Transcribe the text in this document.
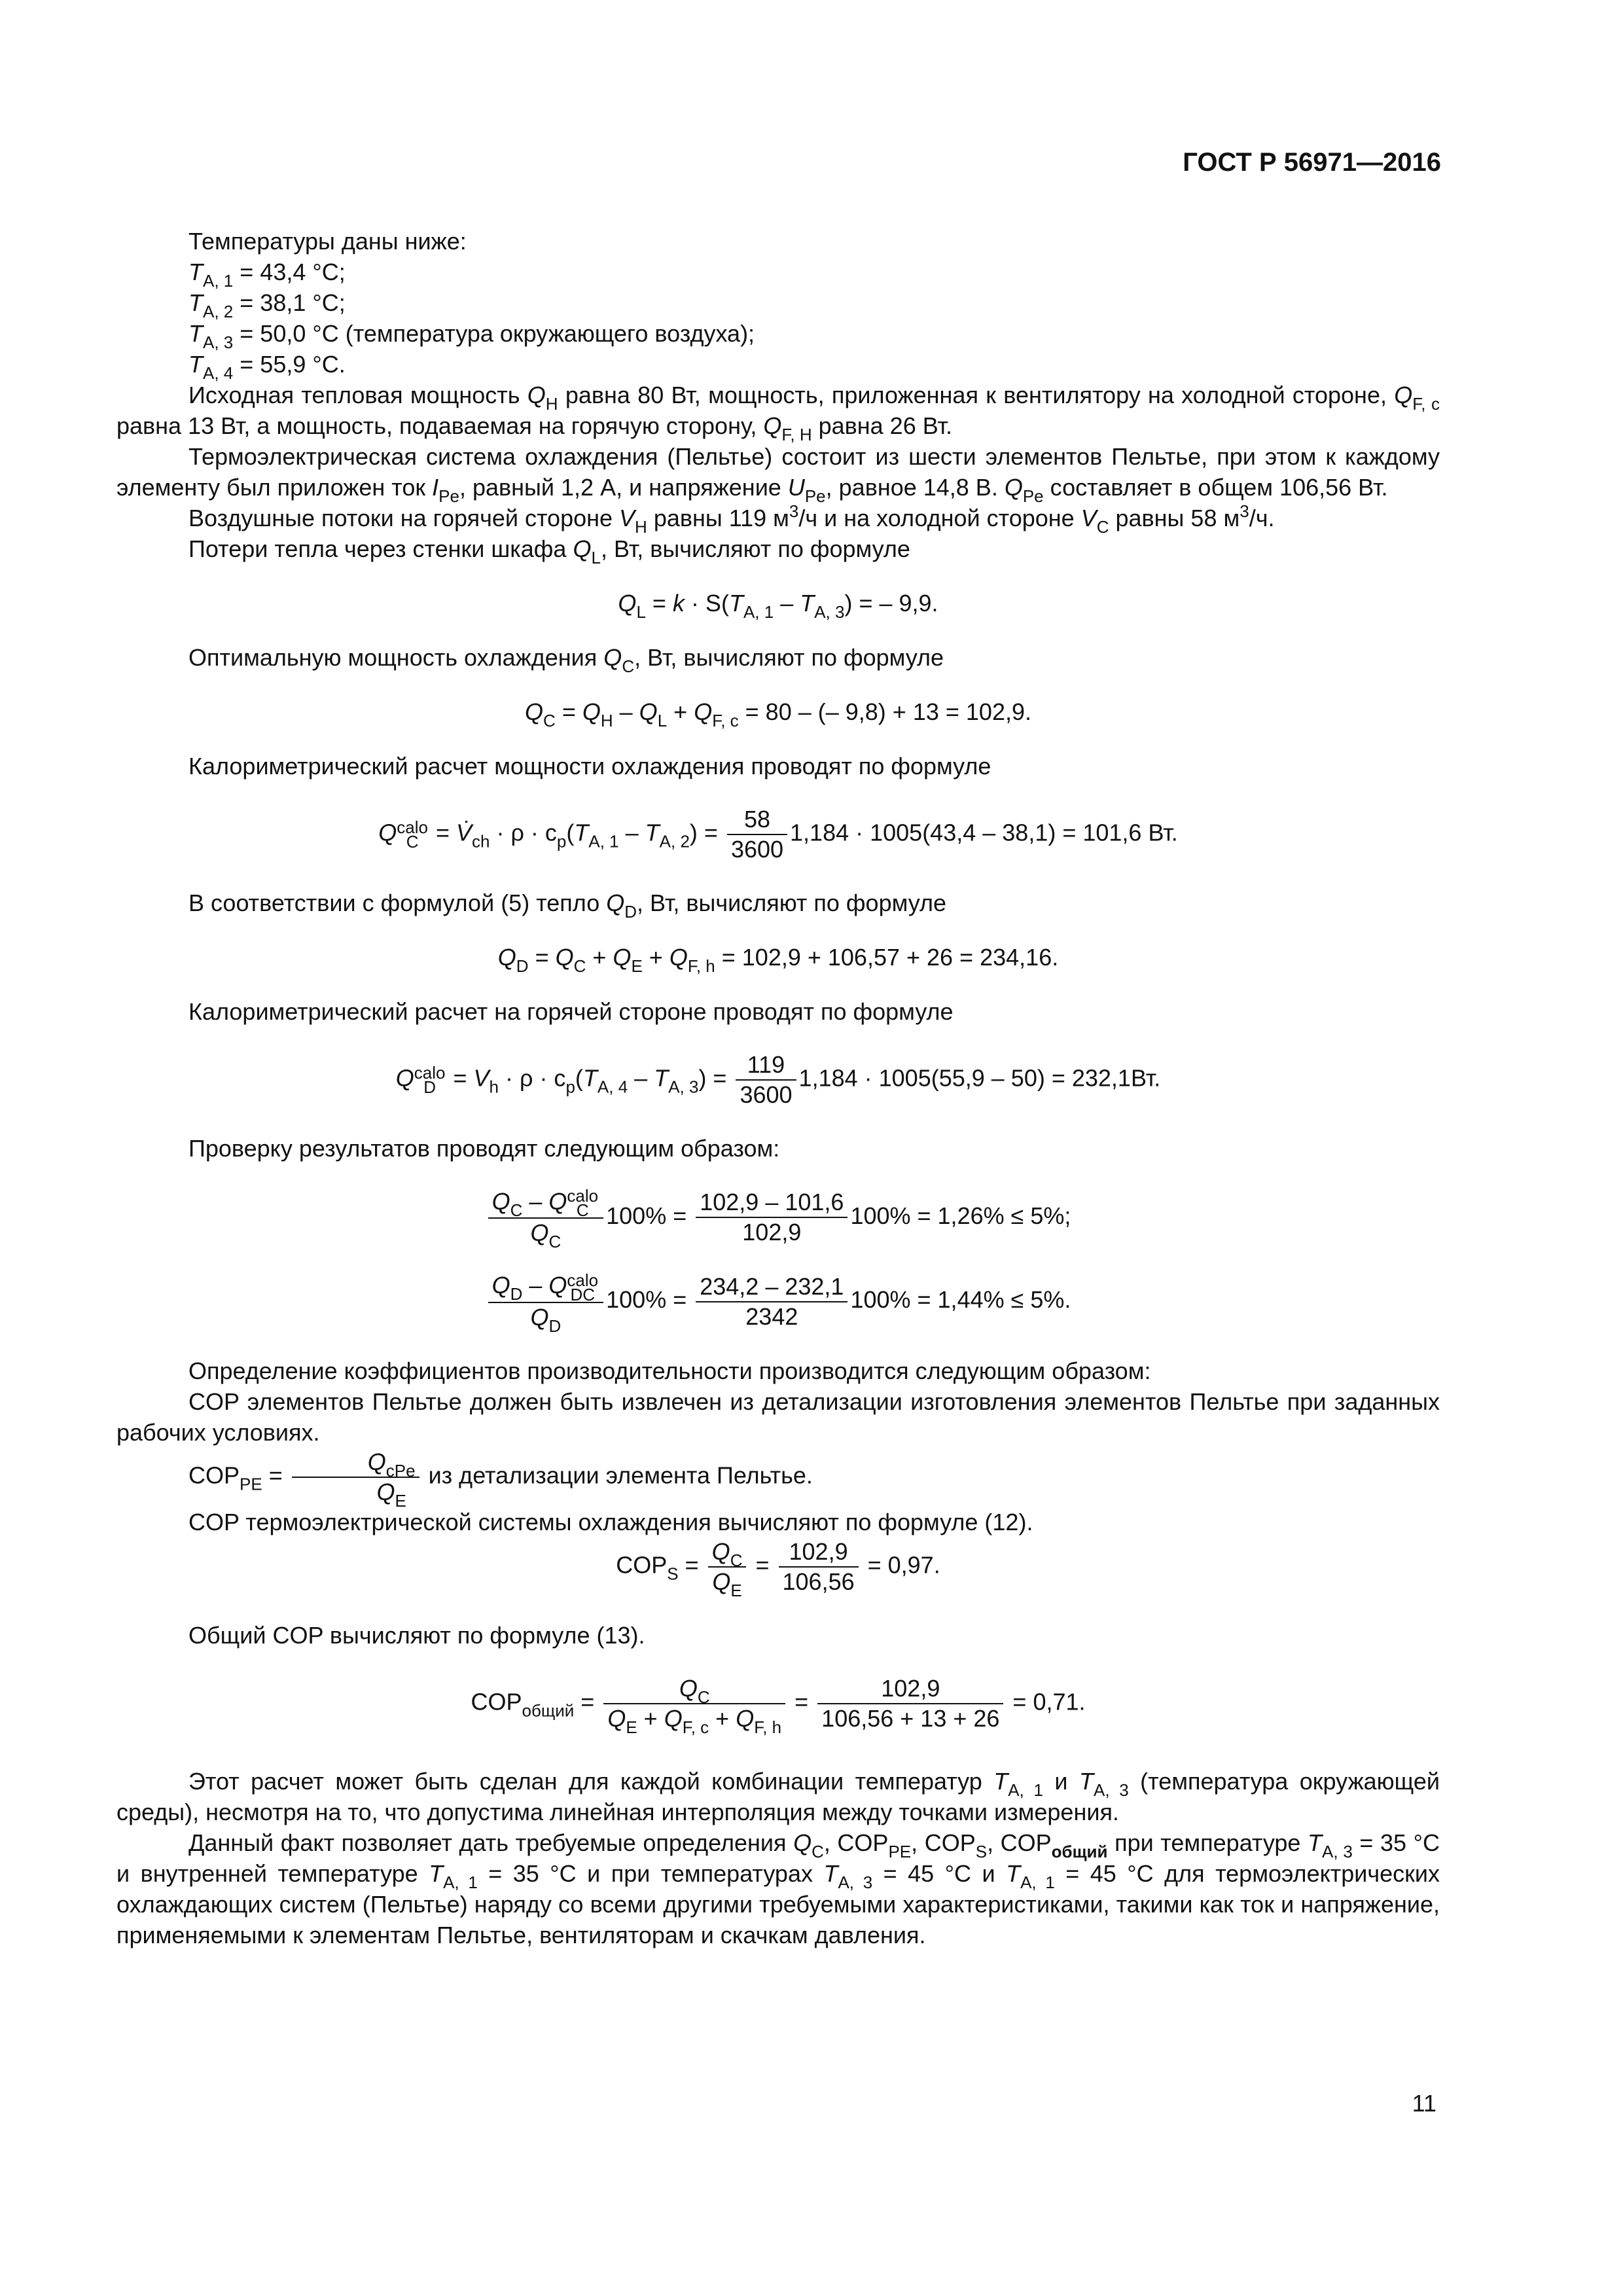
ГОСТ Р 56971—2016

Температуры даны ниже:

$T_{A, 1} = 43,4$ °С;

$T_{A, 2} = 38,1$ °С;

$T_{A, 3} = 50,0$ °С (температура окружающего воздуха);

$T_{A, 4} = 55,9$ °С.

Исходная тепловая мощность $Q_H$ равна 80 Вт, мощность, приложенная к вентилятору на холодной стороне, $Q_{F, c}$ равна 13 Вт, а мощность, подаваемая на горячую сторону, $Q_{F, H}$ равна 26 Вт.

Термоэлектрическая система охлаждения (Пельтье) состоит из шести элементов Пельтье, при этом к каждому элементу был приложен ток $I_{Pe}$, равный 1,2 А, и напряжение $U_{Pe}$, равное 14,8 В. $Q_{Pe}$ составляет в общем 106,56 Вт.

Воздушные потоки на горячей стороне $V_H$ равны 119 $м^3/ч$ и на холодной стороне $V_C$ равны 58 $м^3/ч$.

Потери тепла через стенки шкафа $Q_L$, Вт, вычисляют по формуле

$Q_L = k \cdot S(T_{A, 1} - T_{A, 3})$ = – 9,9.

Оптимальную мощность охлаждения $Q_C$, Вт, вычисляют по формуле

$Q_C = Q_H - Q_L + Q_{F, c} = 80$ – (– 9,8) + 13 = 102,9.

Калориметрический расчет мощности охлаждения проводят по формуле

Q calo
$C = V̇_{ch} \cdot \rho \cdot c_p(T_{A, 1} - T_{A, 2}) = \frac{58}{3600} 1,184 \cdot 1005(43,4 - 38,1) = 101,6$ Вт.

В соответствии с формулой (5) тепло $Q_D$, Вт, вычисляют по формуле

$Q_D = Q_C + Q_E + Q_{F, h} = 102,9 + 106,57 + 26 = 234,16$.

Калориметрический расчет на горячей стороне проводят по формуле

Q calo
$D = V_h \cdot \rho \cdot c_p(T_{A, 4} - T_{A, 3}) = \frac{119}{3600} 1,184 \cdot 1005(55,9 - 50) = 232,1Вт$.

Проверку результатов проводят следующим образом:

$Q_C$ – Q calo
C
$Q_C$ $100\% = \frac{102,9 - 101,6}{102,9} 100\% = 1,26\% \le 5\%$;

$Q_D$ – Q calo
DC
$Q_D$ $100\% = \frac{234,2 - 232,1}{2342} 100\% = 1,44\% \le 5\%$.

Определение коэффициентов производительности производится следующим образом:

COP элементов Пельтье должен быть извлечен из детализации изготовления элементов Пельтье при заданных рабочих условиях.

$COP_{PE} = \frac{Q_{cPe}}{Q_E}$ из детализации элемента Пельтье.

COP термоэлектрической системы охлаждения вычисляют по формуле (12).

$COP_S = \frac{Q_C}{Q_E} = \frac{102,9}{106,56} = 0,97$.

Общий COP вычисляют по формуле (13).

$COP_{общий} = \frac{Q_C}{Q_E + Q_{F, c} + Q_{F, h}} = \frac{102,9}{106,56 + 13 + 26} = 0,71$.

Этот расчет может быть сделан для каждой комбинации температур $T_{A, 1}$ и $T_{A, 3}$ (температура окружающей среды), несмотря на то, что допустима линейная интерполяция между точками измерения.

Данный факт позволяет дать требуемые определения $Q_C$, $COP_{PE}$, $COP_S$, $COP_{общий}$ при температуре $T_{A, 3} = 35$ °С и внутренней температуре $T_{A, 1} = 35$ °С и при температурах $T_{A, 3} = 45$ °С и $T_{A, 1} = 45$ °С для термоэлектрических охлаждающих систем (Пельтье) наряду со всеми другими требуемыми характеристиками, такими как ток и напряжение, применяемыми к элементам Пельтье, вентиляторам и скачкам давления.

11
